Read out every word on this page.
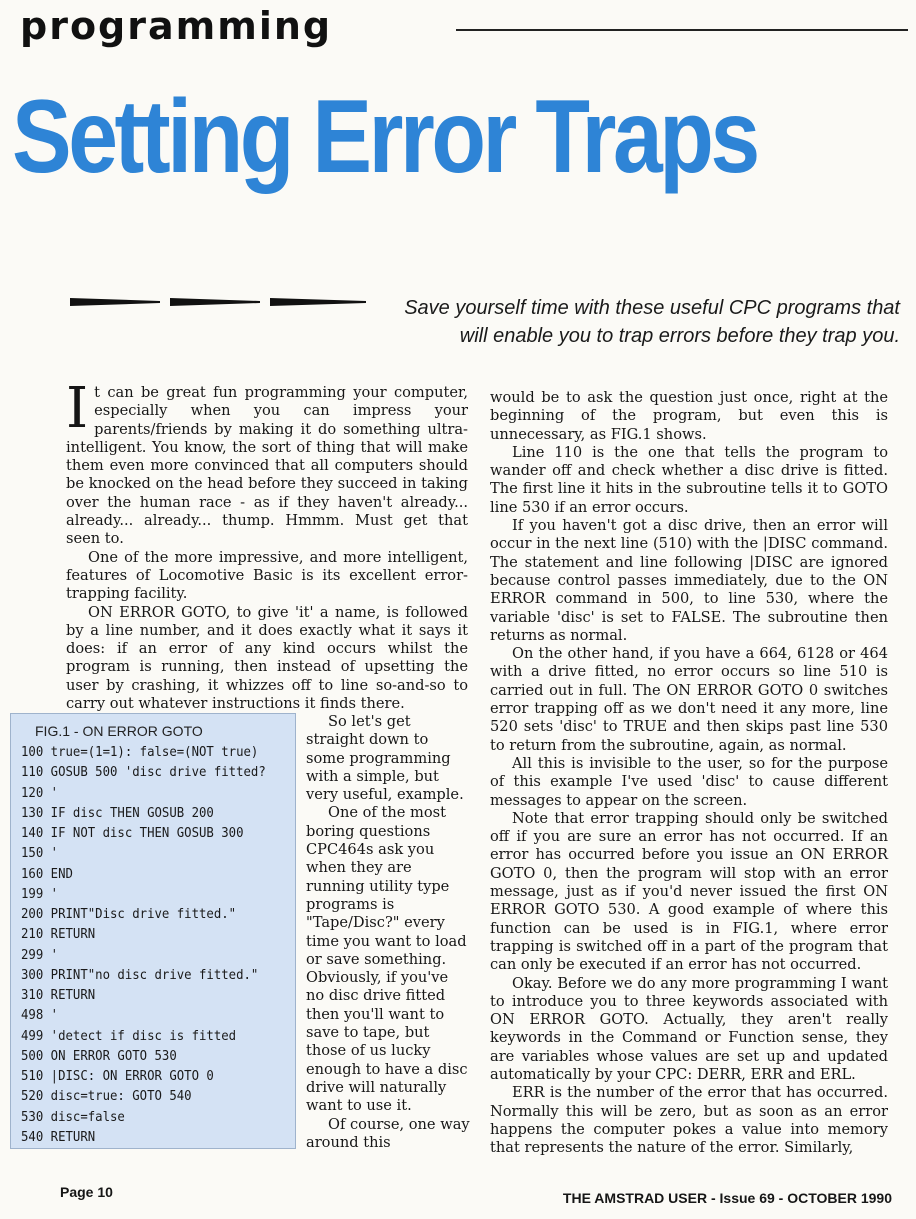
programming
Setting Error Traps
Save yourself time with these useful CPC programs that
will enable you to trap errors before they trap you.

It can be great fun programming your computer, especially when you can impress your parents/friends by making it do something ultra-intelligent. You know, the sort of thing that will make them even more convinced that all computers should be knocked on the head before they succeed in taking over the human race - as if they haven't already... already... already... thump. Hmmm. Must get that seen to.

One of the more impressive, and more intelligent, features of Locomotive Basic is its excellent error-trapping facility.

ON ERROR GOTO, to give 'it' a name, is followed by a line number, and it does exactly what it says it does: if an error of any kind occurs whilst the program is running, then instead of upsetting the user by crashing, it whizzes off to line so-and-so to carry out whatever instructions it finds there.

FIG.1 - ON ERROR GOTO
100 true=(1=1): false=(NOT true)
110 GOSUB 500 'disc drive fitted?
120 '
130 IF disc THEN GOSUB 200
140 IF NOT disc THEN GOSUB 300
150 '
160 END
199 '
200 PRINT"Disc drive fitted."
210 RETURN
299 '
300 PRINT"no disc drive fitted."
310 RETURN
498 '
499 'detect if disc is fitted
500 ON ERROR GOTO 530
510 |DISC: ON ERROR GOTO 0
520 disc=true: GOTO 540
530 disc=false
540 RETURN

So let's get straight down to some programming with a simple, but very useful, example.

One of the most boring questions CPC464s ask you when they are running utility type programs is "Tape/Disc?" every time you want to load or save something. Obviously, if you've no disc drive fitted then you'll want to save to tape, but those of us lucky enough to have a disc drive will naturally want to use it.

Of course, one way around this

would be to ask the question just once, right at the beginning of the program, but even this is unnecessary, as FIG.1 shows.

Line 110 is the one that tells the program to wander off and check whether a disc drive is fitted. The first line it hits in the subroutine tells it to GOTO line 530 if an error occurs.

If you haven't got a disc drive, then an error will occur in the next line (510) with the |DISC command. The statement and line following |DISC are ignored because control passes immediately, due to the ON ERROR command in 500, to line 530, where the variable 'disc' is set to FALSE. The subroutine then returns as normal.

On the other hand, if you have a 664, 6128 or 464 with a drive fitted, no error occurs so line 510 is carried out in full. The ON ERROR GOTO 0 switches error trapping off as we don't need it any more, line 520 sets 'disc' to TRUE and then skips past line 530 to return from the subroutine, again, as normal.

All this is invisible to the user, so for the purpose of this example I've used 'disc' to cause different messages to appear on the screen.

Note that error trapping should only be switched off if you are sure an error has not occurred. If an error has occurred before you issue an ON ERROR GOTO 0, then the program will stop with an error message, just as if you'd never issued the first ON ERROR GOTO 530. A good example of where this function can be used is in FIG.1, where error trapping is switched off in a part of the program that can only be executed if an error has not occurred.

Okay. Before we do any more programming I want to introduce you to three keywords associated with ON ERROR GOTO. Actually, they aren't really keywords in the Command or Function sense, they are variables whose values are set up and updated automatically by your CPC: DERR, ERR and ERL.

ERR is the number of the error that has occurred. Normally this will be zero, but as soon as an error happens the computer pokes a value into memory that represents the nature of the error. Similarly,

Page 10	THE AMSTRAD USER - Issue 69 - OCTOBER 1990
